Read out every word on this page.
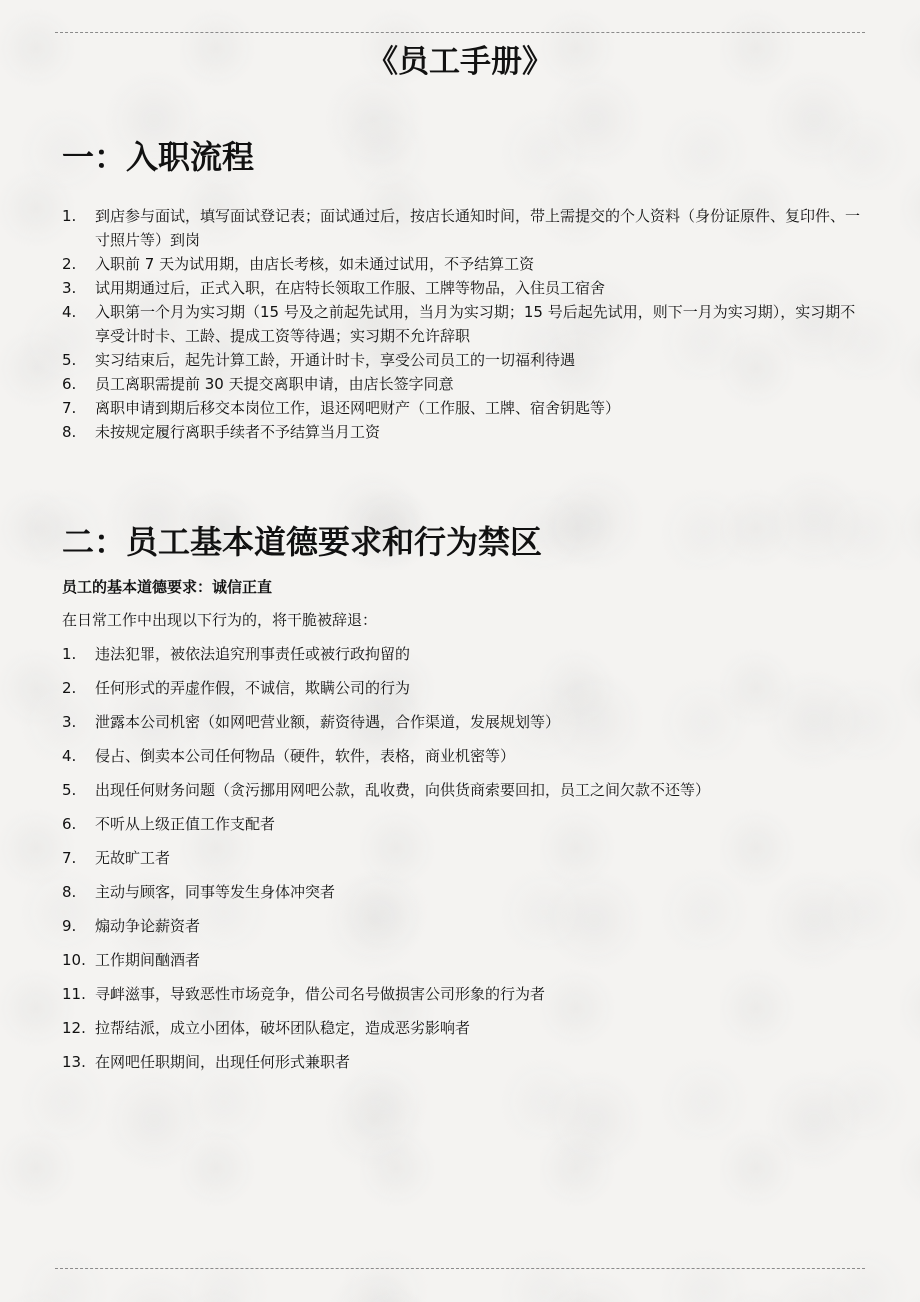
《员工手册》
一：入职流程
1.	到店参与面试，填写面试登记表；面试通过后，按店长通知时间，带上需提交的个人资料（身份证原件、复印件、一寸照片等）到岗
2.	入职前 7 天为试用期，由店长考核，如未通过试用，不予结算工资
3.	试用期通过后，正式入职，在店特长领取工作服、工牌等物品，入住员工宿舍
4.	入职第一个月为实习期（15 号及之前起先试用，当月为实习期；15 号后起先试用，则下一月为实习期），实习期不享受计时卡、工龄、提成工资等待遇；实习期不允许辞职
5.	实习结束后，起先计算工龄，开通计时卡，享受公司员工的一切福利待遇
6.	员工离职需提前 30 天提交离职申请，由店长签字同意
7.	离职申请到期后移交本岗位工作，退还网吧财产（工作服、工牌、宿舍钥匙等）
8.	未按规定履行离职手续者不予结算当月工资
二：员工基本道德要求和行为禁区
员工的基本道德要求：诚信正直
在日常工作中出现以下行为的，将干脆被辞退：
1.	违法犯罪，被依法追究刑事责任或被行政拘留的
2.	任何形式的弄虚作假，不诚信，欺瞒公司的行为
3.	泄露本公司机密（如网吧营业额，薪资待遇，合作渠道，发展规划等）
4.	侵占、倒卖本公司任何物品（硬件，软件，表格，商业机密等）
5.	出现任何财务问题（贪污挪用网吧公款，乱收费，向供货商索要回扣，员工之间欠款不还等）
6.	不听从上级正值工作支配者
7.	无故旷工者
8.	主动与顾客，同事等发生身体冲突者
9.	煽动争论薪资者
10. 工作期间酗酒者
11. 寻衅滋事，导致恶性市场竞争，借公司名号做损害公司形象的行为者
12. 拉帮结派，成立小团体，破坏团队稳定，造成恶劣影响者
13. 在网吧任职期间，出现任何形式兼职者
